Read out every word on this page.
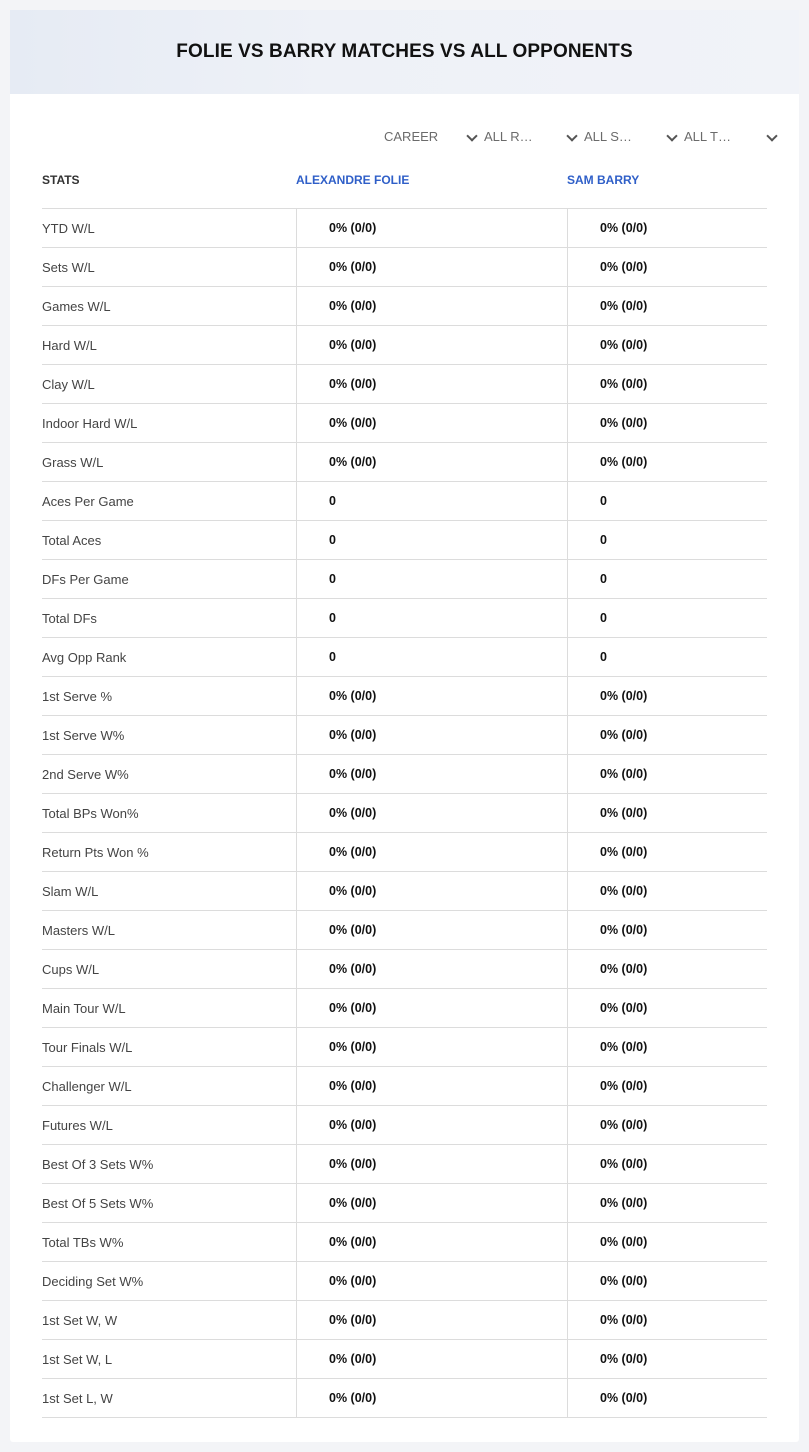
FOLIE VS BARRY MATCHES VS ALL OPPONENTS
CAREER	ALL R…	ALL S…	ALL T…
STATS	ALEXANDRE FOLIE	SAM BARRY
YTD W/L	0% (0/0)	0% (0/0)
Sets W/L	0% (0/0)	0% (0/0)
Games W/L	0% (0/0)	0% (0/0)
Hard W/L	0% (0/0)	0% (0/0)
Clay W/L	0% (0/0)	0% (0/0)
Indoor Hard W/L	0% (0/0)	0% (0/0)
Grass W/L	0% (0/0)	0% (0/0)
Aces Per Game	0	0
Total Aces	0	0
DFs Per Game	0	0
Total DFs	0	0
Avg Opp Rank	0	0
1st Serve %	0% (0/0)	0% (0/0)
1st Serve W%	0% (0/0)	0% (0/0)
2nd Serve W%	0% (0/0)	0% (0/0)
Total BPs Won%	0% (0/0)	0% (0/0)
Return Pts Won %	0% (0/0)	0% (0/0)
Slam W/L	0% (0/0)	0% (0/0)
Masters W/L	0% (0/0)	0% (0/0)
Cups W/L	0% (0/0)	0% (0/0)
Main Tour W/L	0% (0/0)	0% (0/0)
Tour Finals W/L	0% (0/0)	0% (0/0)
Challenger W/L	0% (0/0)	0% (0/0)
Futures W/L	0% (0/0)	0% (0/0)
Best Of 3 Sets W%	0% (0/0)	0% (0/0)
Best Of 5 Sets W%	0% (0/0)	0% (0/0)
Total TBs W%	0% (0/0)	0% (0/0)
Deciding Set W%	0% (0/0)	0% (0/0)
1st Set W, W	0% (0/0)	0% (0/0)
1st Set W, L	0% (0/0)	0% (0/0)
1st Set L, W	0% (0/0)	0% (0/0)
